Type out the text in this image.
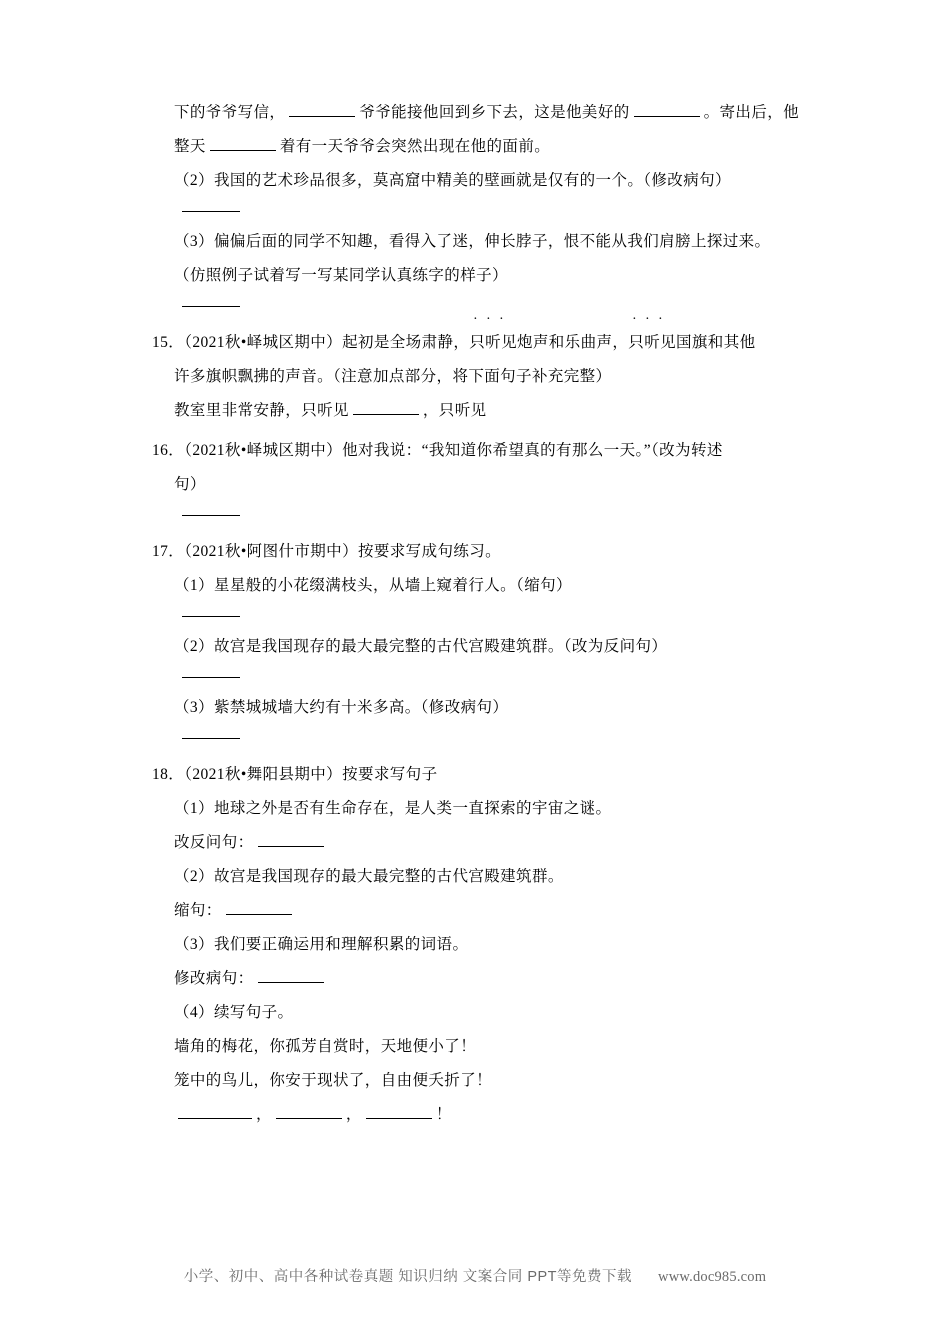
下的爷爷写信，	爷爷能接他回到乡下去，这是他美好的	。寄出后，他
整天	着有一天爷爷会突然出现在他的面前。
（2）我国的艺术珍品很多，莫高窟中精美的壁画就是仅有的一个。（修改病句）
（3）偏偏后面的同学不知趣，看得入了迷，伸长脖子，恨不能从我们肩膀上探过来。
（仿照例子试着写一写某同学认真练字的样子）
15．（2021秋•峄城区期中）起初是全场肃静，
...
只听见炮声和乐曲声，
...
只听见国旗和其他
许多旗帜飘拂的声音。（注意加点部分，将下面句子补充完整）
教室里非常安静，只听见	，只听见
16．（2021秋•峄城区期中）他对我说：“我知道你希望真的有那么一天。”（改为转述
句）
17．（2021秋•阿图什市期中）按要求写成句练习。
（1）星星般的小花缀满枝头，从墙上窥着行人。（缩句）
（2）故宫是我国现存的最大最完整的古代宫殿建筑群。（改为反问句）
（3）紫禁城城墙大约有十米多高。（修改病句）
18．（2021秋•舞阳县期中）按要求写句子
（1）地球之外是否有生命存在，是人类一直探索的宇宙之谜。
改反问句：
（2）故宫是我国现存的最大最完整的古代宫殿建筑群。
缩句：
（3）我们要正确运用和理解积累的词语。
修改病句：
（4）续写句子。
墙角的梅花，你孤芳自赏时，天地便小了！
笼中的鸟儿，你安于现状了，自由便夭折了！
，	，	！
小学、初中、高中各种试卷真题 知识归纳 文案合同 PPT等免费下载 www.doc985.com
